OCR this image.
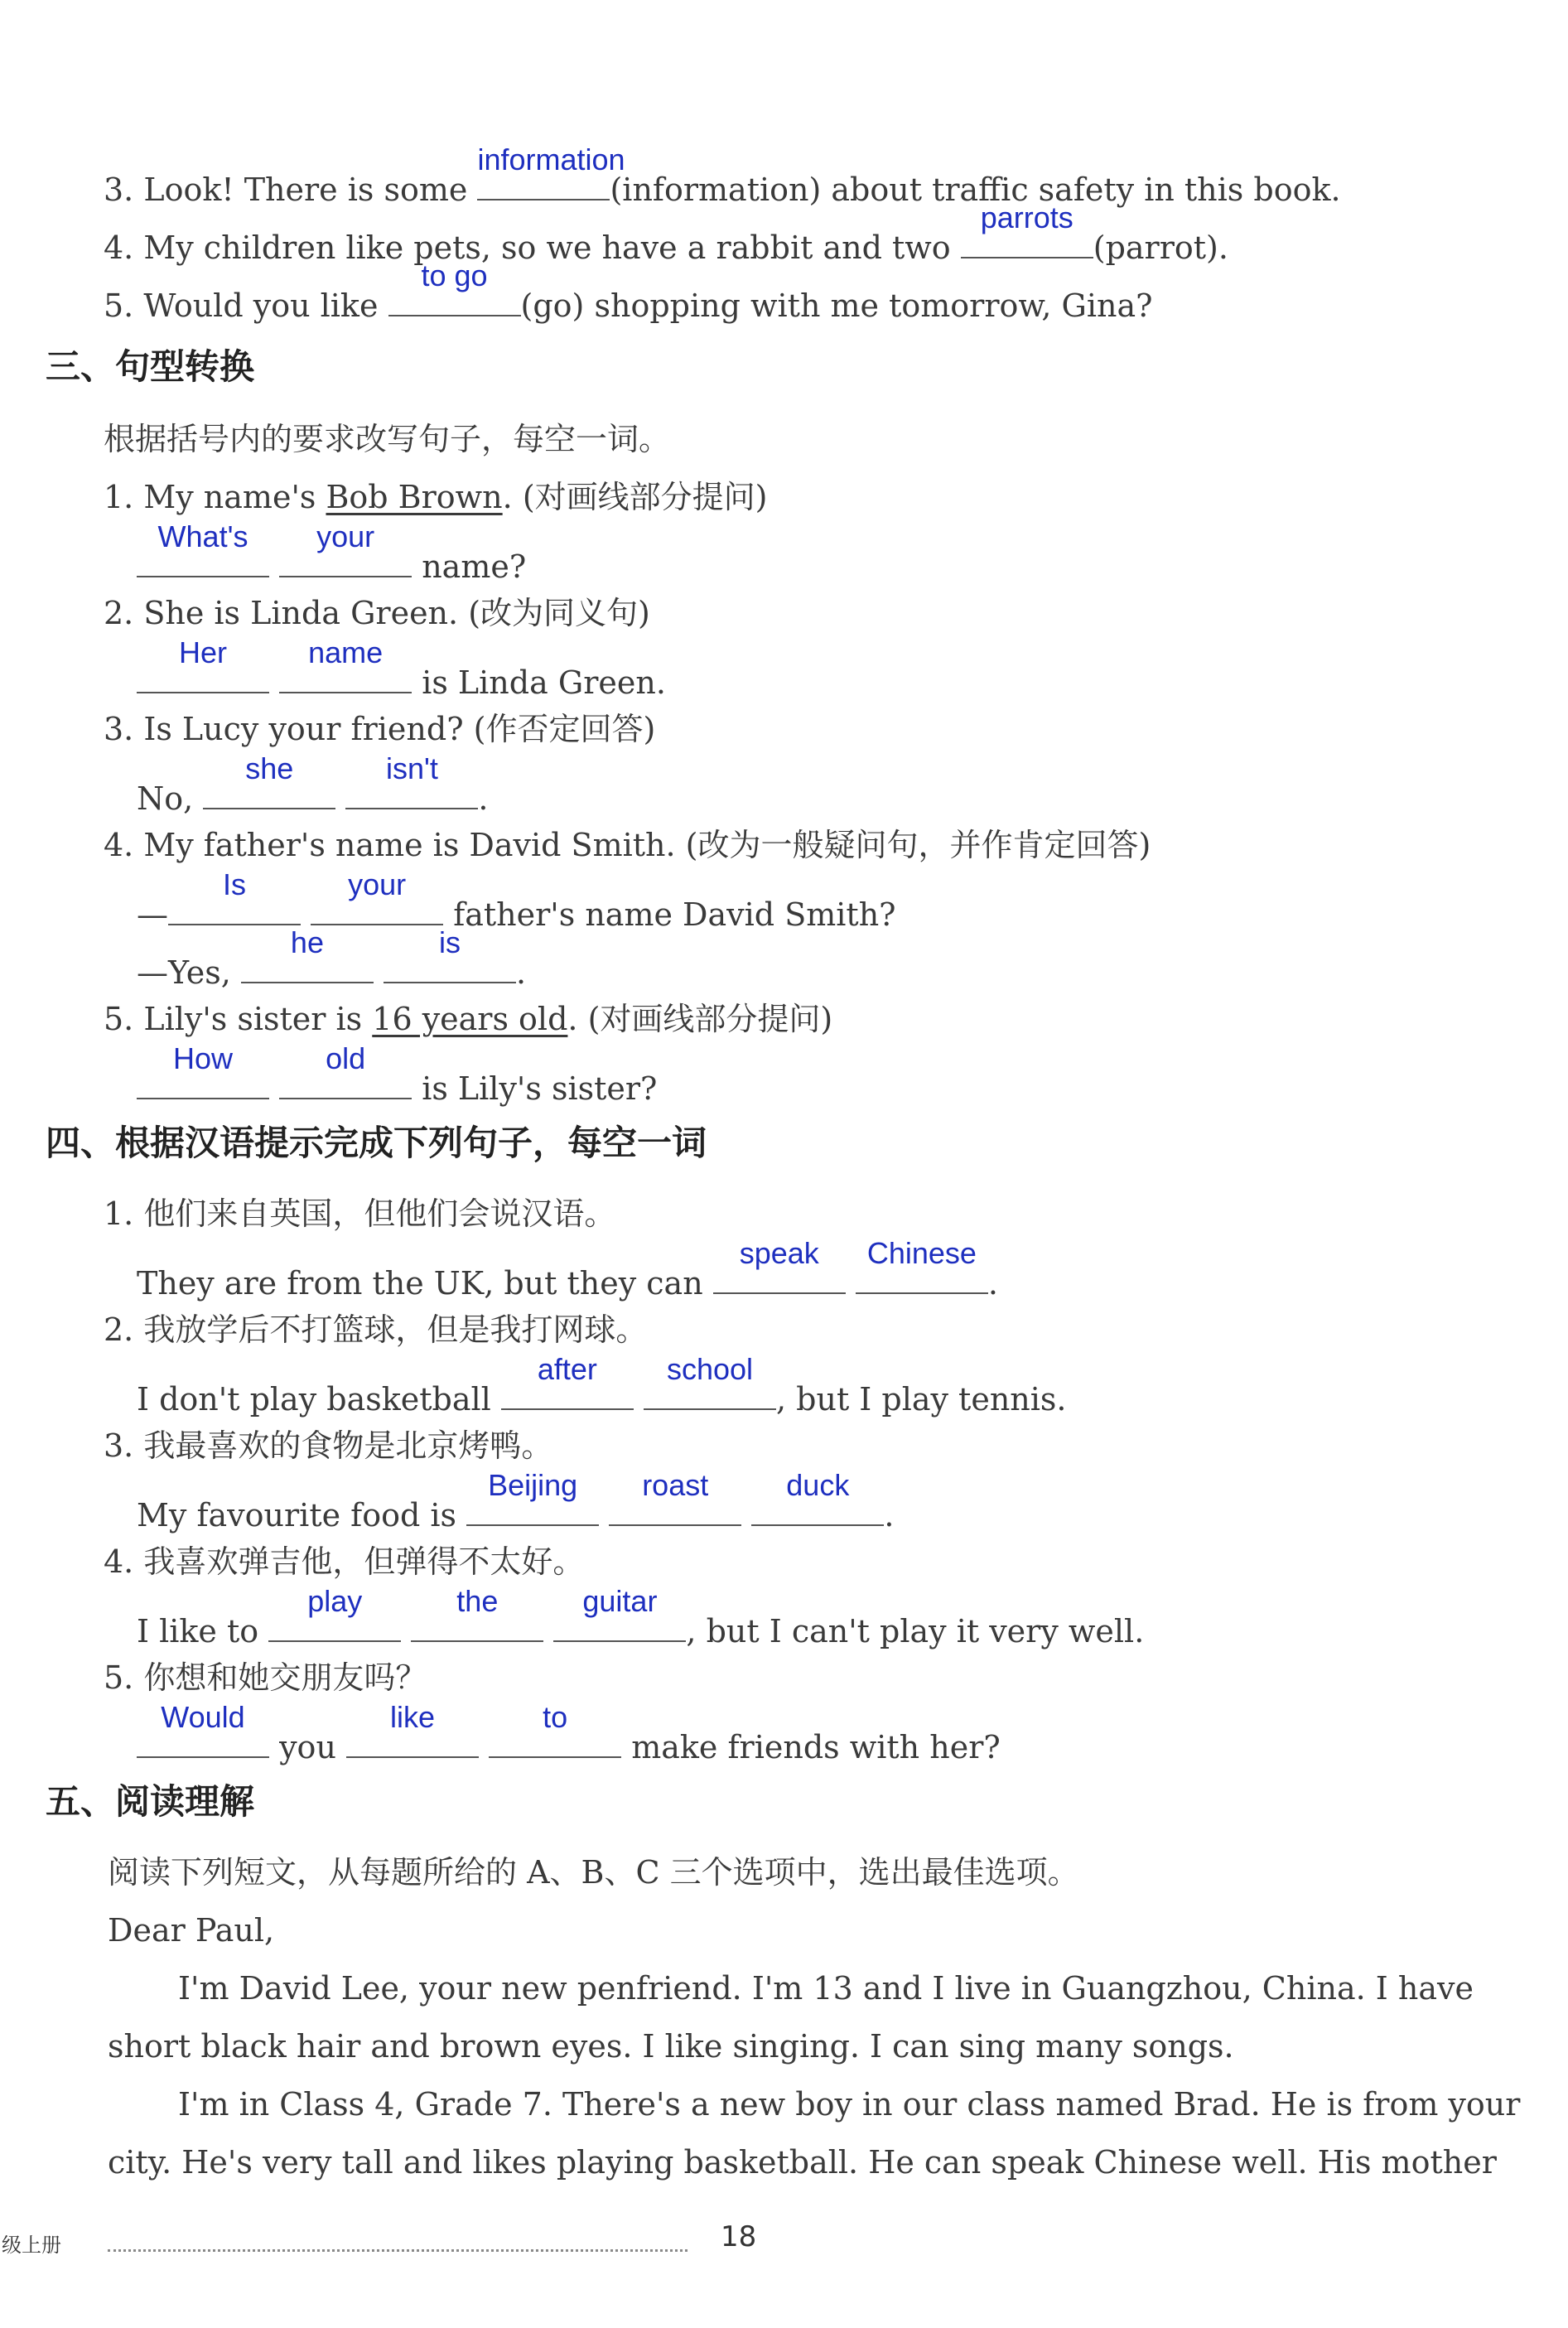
3. Look! There is some
information
(information) about traffic safety in this book.
4. My children like pets, so we have a rabbit and two
parrots
(parrot).
5. Would you like
to go
(go) shopping with me tomorrow, Gina?
三、句型转换
根据括号内的要求改写句子，每空一词。
1. My name's Bob Brown. (对画线部分提问)
What's
	your
name?
2. She is Linda Green. (改为同义句)
Her
	name
is Linda Green.
3. Is Lucy your friend? (作否定回答)
No,
she
	isn't
.
4. My father's name is David Smith. (改为一般疑问句，并作肯定回答)
—
Is
	your
father's name David Smith?
—Yes,
he
	is
.
5. Lily's sister is 16 years old. (对画线部分提问)
How
	old
is Lily's sister?
四、根据汉语提示完成下列句子，每空一词
1. 他们来自英国，但他们会说汉语。
They are from the UK, but they can
speak
	Chinese
.
2. 我放学后不打篮球，但是我打网球。
I don't play basketball
after
	school
, but I play tennis.
3. 我最喜欢的食物是北京烤鸭。
My favourite food is
Beijing
	roast
	duck
.
4. 我喜欢弹吉他，但弹得不太好。
I like to
play
	the
	guitar
, but I can't play it very well.
5. 你想和她交朋友吗？
Would
you
like
	to
make friends with her?
五、阅读理解
阅读下列短文，从每题所给的 A、B、C 三个选项中，选出最佳选项。
Dear Paul,
I'm David Lee, your new penfriend. I'm 13 and I live in Guangzhou, China. I have
short black hair and brown eyes. I like singing. I can sing many songs.
I'm in Class 4, Grade 7. There's a new boy in our class named Brad. He is from your
city. He's very tall and likes playing basketball. He can speak Chinese well. His mother
级上册	18
